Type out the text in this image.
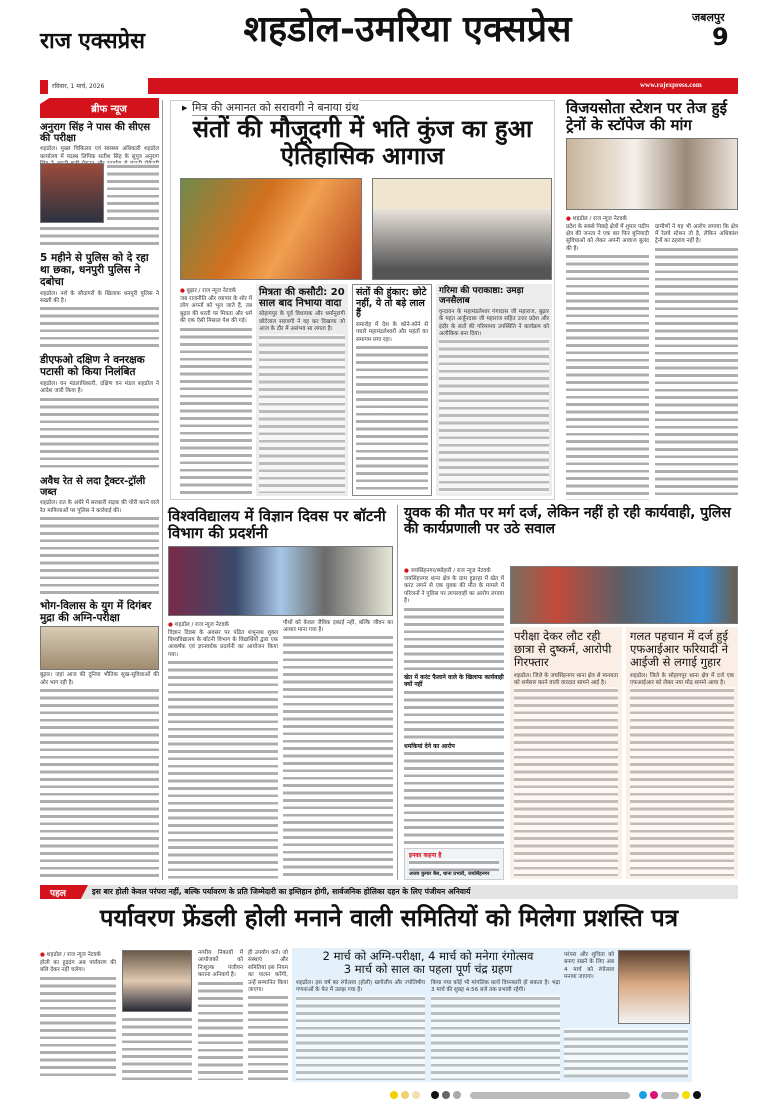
राज एक्सप्रेस
रविवार, 1 मार्च, 2026
शहडोल-उमरिया एक्सप्रेस	जबलपुर
9
www.rajexpress.com
ब्रीफ न्यूज
अनुराग सिंह ने पास की सीएस की परीक्षा
शहडोल। मुख्य चिकित्सा एवं स्वास्थ्य अधिकारी शहडोल कार्यालय में पदस्थ लिपिक सतीश सिंह के सुपुत्र अनुराग
5 महीने से पुलिस को दे रहा था छका, धनपुरी पुलिस ने दबोचा
शहडोल। नशे के सौदागरों के खिलाफ धनपुरी पुलिस ने सख्ती की है।
डीएफओ दक्षिण ने वनरक्षक पटासी को किया निलंबित
शहडोल। वन मंडलाधिकारी, दक्षिण वन मंडल शहडोल ने आदेश जारी किया है।
अवैध रेत से लदा ट्रैक्टर-ट्रॉली जब्त
शहडोल। रात के अंधेरे में सरकारी सड़क की चोरी करने वाले रेत माफियाओं पर पुलिस ने कार्रवाई की।
भोग-विलास के युग में दिगंबर मुद्रा की अग्नि-परीक्षा
बुढ़ार। जहां आज की दुनिया भौतिक सुख-सुविधाओं की ओर भाग रही है।
▶ मित्र की अमानत को सरावगी ने बनाया ग्रंथ
संतों की मौजूदगी में भति कुंज का हुआ ऐतिहासिक आगाज
● बुढ़ार / राज न्यूज नेटवर्क
जब राजनीति और व्यापार के शोर में लोग अपनों को भूल जाते हैं, तब बुढ़ार की धरती पर मित्रता और धर्म की एक ऐसी मिसाल पेश की गई।
मित्रता की कसौटी: 20 साल बाद निभाया वादा
सोहागपुर के पूर्व विधायक और धर्मानुरागी छोटेलाल सरावगी ने वह कर दिखाया जो आज के दौर में असंभव सा लगता है।
संतों की हुंकार: छोटे नहीं, ये तो बड़े लाल हैं
समारोह में देश के कोने-कोने से पधारे महामंडलेश्वरों और महंतों का समागम लगा रहा।
गरिमा की पराकाष्ठा: उमड़ा जनसैलाब
वृन्दावन के महामंडलेश्वर गंगादास जी महाराज, बुढ़ार के महंत अर्जुनदास जी महाराज सहित उत्तर प्रदेश और इंदौर के संतों की गरिमामय उपस्थिति ने कार्यक्रम को अलौकिक बना दिया।
विजयसोता स्टेशन पर तेज हुई ट्रेनों के स्टॉपेज की मांग
● शहडोल / राज न्यूज नेटवर्क
प्रदेश के सबसे पिछड़े क्षेत्रों में शुमार पठीप क्षेत्र की जनता ने एक बार फिर बुनियादी सुविधाओं को लेकर अपनी आवाज बुलंद की है।
ग्रामीणों ने यह भी आरोप लगाया कि क्षेत्र में रेलवे स्टेशन तो है, लेकिन अधिकांश ट्रेनों का ठहराव नहीं है।
विश्वविद्यालय में विज्ञान दिवस पर बॉटनी विभाग की प्रदर्शनी
● शहडोल / राज न्यूज नेटवर्क
विज्ञान दिवस के अवसर पर पंडित शंभूनाथ शुक्ल विश्वविद्यालय के बॉटनी विभाग के विद्यार्थियों द्वारा एक आकर्षक एवं ज्ञानवर्धक प्रदर्शनी का आयोजन किया गया।
पौधों को केवल जैविक इकाई नहीं, बल्कि जीवन का आधार माना गया है।
युवक की मौत पर मर्ग दर्ज, लेकिन नहीं हो रही कार्यवाही, पुलिस की कार्यप्रणाली पर उठे सवाल
● जयसिंहनगर/ब्योहारी / राज न्यूज नेटवर्क
जयसिंहनगर थाना क्षेत्र के ग्राम हुडरहा में खेत में करंट लगने से एक युवक की मौत के मामले में परिजनों ने पुलिस पर लापरवाही का आरोप लगाया है।
खेत में करंट फैलाने वाले के खिलाफ कार्यवाही क्यों नहीं
धमकियां देने का आरोप
इनका कहना है
अजय कुमार बैस, थाना प्रभारी, जयसिंहनगर
परीक्षा देकर लौट रही छात्रा से दुष्कर्म, आरोपी गिरफ्तार
शहडोल। जिले के जयसिंहनगर थाना क्षेत्र से मानवता को शर्मसार करने वाली वारदात सामने आई है।
गलत पहचान में दर्ज हुई एफआईआर फरियादी ने आईजी से लगाई गुहार
शहडोल। जिले के सोहागपुर थाना क्षेत्र में दर्ज एक एफआईआर को लेकर नया मोड़ सामने आया है।
पहल	इस बार होली केवल परंपरा नहीं, बल्कि पर्यावरण के प्रति जिम्मेदारी का इम्तिहान होगी, सार्वजनिक होलिका दहन के लिए पंजीयन अनिवार्य
पर्यावरण फ्रेंडली होली मनाने वाली समितियों को मिलेगा प्रशस्ति पत्र
● शहडोल / राज न्यूज नेटवर्क
होली का हुड़दंग अब पर्यावरण की बलि देकर नहीं चलेगा।
नगरीय निकायों में आयोजकों को निःशुल्क पंजीयन कराना अनिवार्य है।
ही उपयोग करें। जो संस्थाएं और समितियां इस नियम का पालन करेंगी, उन्हें सम्मानित किया जाएगा।
2 मार्च को अग्नि-परीक्षा, 4 मार्च को मनेगा रंगोत्सव
3 मार्च को साल का पहला पूर्ण चंद्र ग्रहण
शहडोल। इस वर्ष का रंगोत्सव (होली) खगोलीय और ज्योतिषीय गणनाओं के फेर में उलझ गया है।
किया गया कोई भी मांगलिक कार्य विघ्नकारी हो सकता है। भद्रा 3 मार्च की सुबह 4:56 बजे तक प्रभावी रहेगी।
परंपरा और शुचिता को बनाए रखने के लिए अब 4 मार्च को रंगोत्सव मनाया जाएगा।
